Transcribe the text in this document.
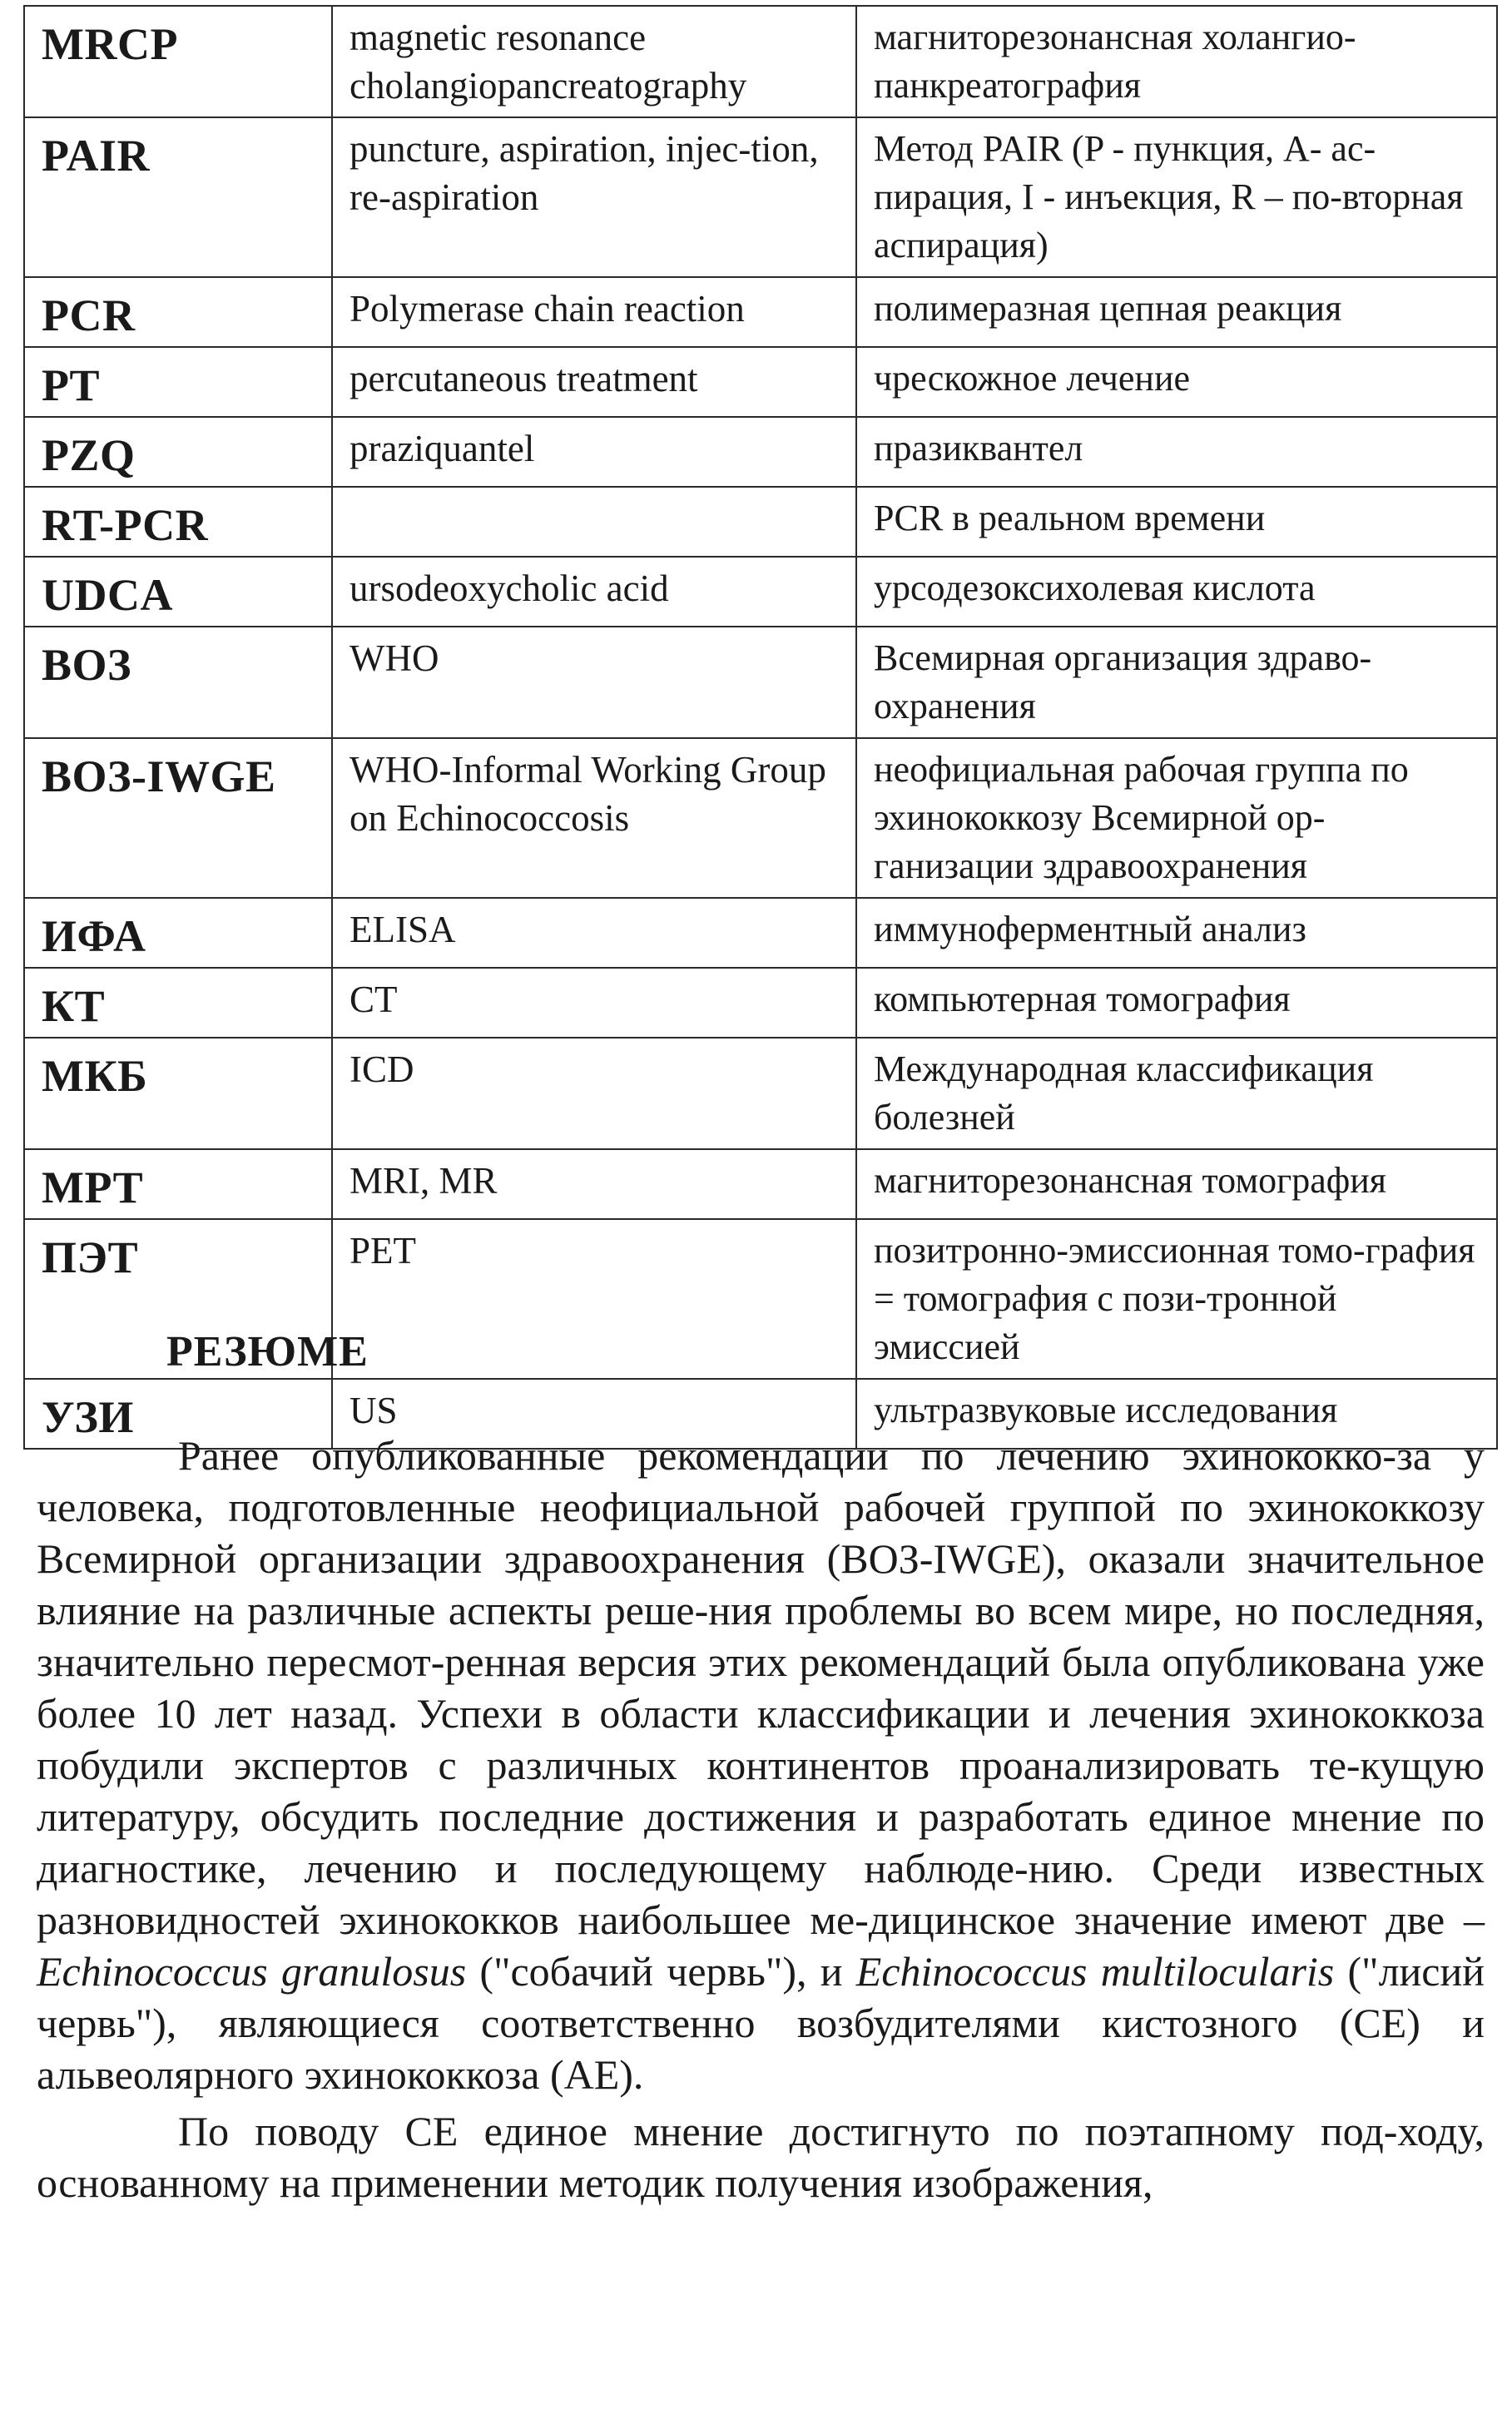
MRCP	magnetic resonance cholangiopancreatography	магниторезонансная холангио-панкреатография
PAIR	puncture, aspiration, injec-tion, re-aspiration	Метод PAIR (P - пункция, A- ас-пирация, I - инъекция, R – по-вторная аспирация)
PCR	Polymerase chain reaction	полимеразная цепная реакция
PT	percutaneous treatment	чрескожное лечение
PZQ	praziquantel	празиквантел
RT-PCR		PCR в реальном времени
UDCA	ursodeoxycholic acid	урсодезоксихолевая кислота
ВОЗ	WHO	Всемирная организация здраво-охранения
ВОЗ-IWGE	WHO-Informal Working Group on Echinococcosis	неофициальная рабочая группа по эхинококкозу Всемирной ор-ганизации здравоохранения
ИФА	ELISA	иммуноферментный анализ
КТ	CT	компьютерная томография
МКБ	ICD	Международная классификация болезней
МРТ	MRI, MR	магниторезонансная томография
ПЭТ	PET	позитронно-эмиссионная томо-графия = томография с пози-тронной эмиссией
УЗИ	US	ультразвуковые исследования
РЕЗЮМЕ

Ранее опубликованные рекомендации по лечению эхинококко-за у человека, подготовленные неофициальной рабочей группой по эхинококкозу Всемирной организации здравоохранения (ВОЗ-IWGE), оказали значительное влияние на различные аспекты реше-ния проблемы во всем мире, но последняя, значительно пересмот-ренная версия этих рекомендаций была опубликована уже более 10 лет назад. Успехи в области классификации и лечения эхинококкоза побудили экспертов с различных континентов проанализировать те-кущую литературу, обсудить последние достижения и разработать единое мнение по диагностике, лечению и последующему наблюде-нию. Среди известных разновидностей эхинококков наибольшее ме-дицинское значение имеют две – Echinococcus granulosus ("собачий червь"), и Echinococcus multilocularis ("лисий червь"), являющиеся соответственно возбудителями кистозного (СЕ) и альвеолярного эхинококкоза (АЕ).

По поводу СЕ единое мнение достигнуто по поэтапному под-ходу, основанному на применении методик получения изображения,
